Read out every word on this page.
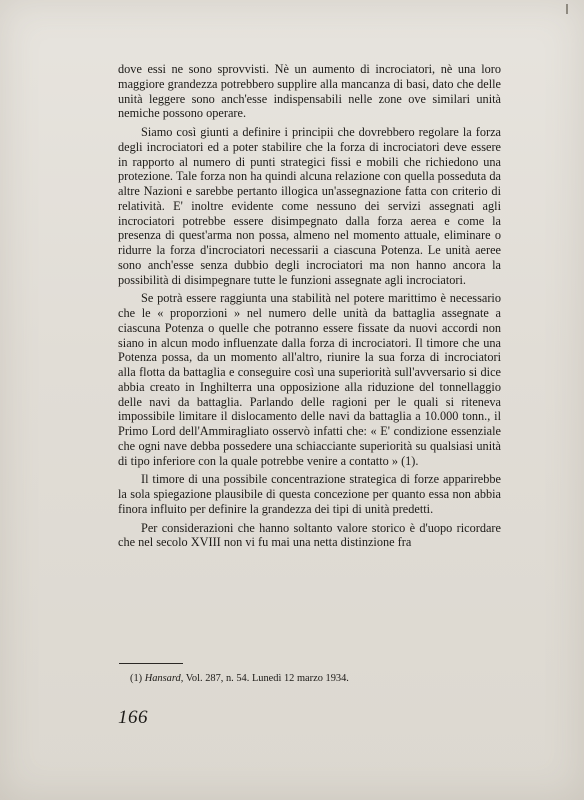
dove essi ne sono sprovvisti. Nè un aumento di incrociatori, nè una loro maggiore grandezza potrebbero supplire alla mancanza di basi, dato che delle unità leggere sono anch'esse indispensabili nelle zone ove similari unità nemiche possono operare.

Siamo così giunti a definire i principii che dovrebbero regolare la forza degli incrociatori ed a poter stabilire che la forza di incrociatori deve essere in rapporto al numero di punti strategici fissi e mobili che richiedono una protezione. Tale forza non ha quindi alcuna relazione con quella posseduta da altre Nazioni e sarebbe pertanto illogica un'assegnazione fatta con criterio di relatività. E' inoltre evidente come nessuno dei servizi assegnati agli incrociatori potrebbe essere disimpegnato dalla forza aerea e come la presenza di quest'arma non possa, almeno nel momento attuale, eliminare o ridurre la forza d'incrociatori necessarii a ciascuna Potenza. Le unità aeree sono anch'esse senza dubbio degli incrociatori ma non hanno ancora la possibilità di disimpegnare tutte le funzioni assegnate agli incrociatori.

Se potrà essere raggiunta una stabilità nel potere marittimo è necessario che le « proporzioni » nel numero delle unità da battaglia assegnate a ciascuna Potenza o quelle che potranno essere fissate da nuovi accordi non siano in alcun modo influenzate dalla forza di incrociatori. Il timore che una Potenza possa, da un momento all'altro, riunire la sua forza di incrociatori alla flotta da battaglia e conseguire così una superiorità sull'avversario si dice abbia creato in Inghilterra una opposizione alla riduzione del tonnellaggio delle navi da battaglia. Parlando delle ragioni per le quali si riteneva impossibile limitare il dislocamento delle navi da battaglia a 10.000 tonn., il Primo Lord dell'Ammiragliato osservò infatti che: « E' condizione essenziale che ogni nave debba possedere una schiacciante superiorità su qualsiasi unità di tipo inferiore con la quale potrebbe venire a contatto » (1).

Il timore di una possibile concentrazione strategica di forze apparirebbe la sola spiegazione plausibile di questa concezione per quanto essa non abbia finora influito per definire la grandezza dei tipi di unità predetti.

Per considerazioni che hanno soltanto valore storico è d'uopo ricordare che nel secolo XVIII non vi fu mai una netta distinzione fra

(1) Hansard, Vol. 287, n. 54. Lunedì 12 marzo 1934.
166
